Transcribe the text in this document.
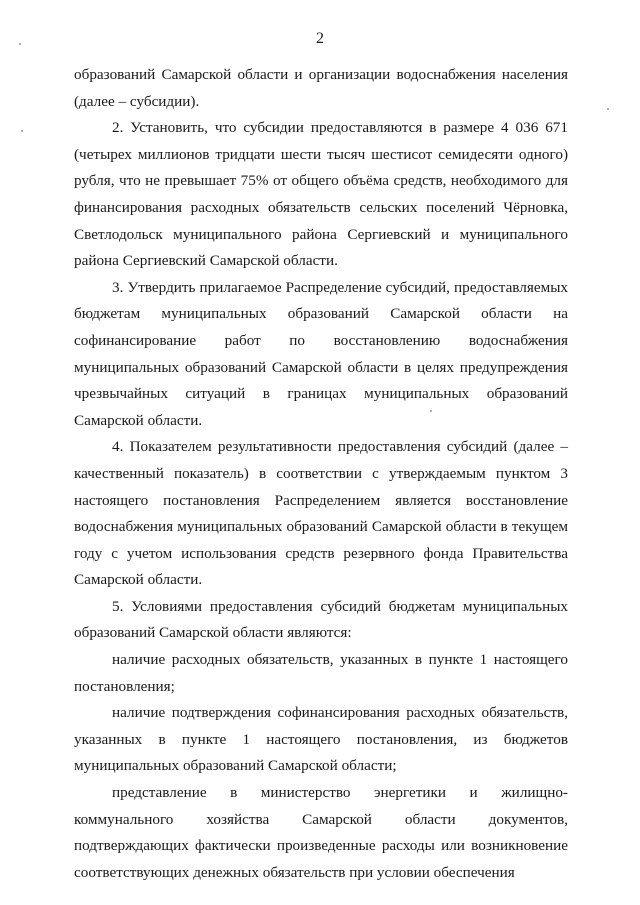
2

образований Самарской области и организации водоснабжения населения (далее – субсидии).

2. Установить, что субсидии предоставляются в размере 4 036 671 (четырех миллионов тридцати шести тысяч шестисот семидесяти одного) рубля, что не превышает 75% от общего объёма средств, необходимого для финансирования расходных обязательств сельских поселений Чёрновка, Светлодольск муниципального района Сергиевский и муниципального района Сергиевский Самарской области.

3. Утвердить прилагаемое Распределение субсидий, предоставляемых бюджетам муниципальных образований Самарской области на софинансирование работ по восстановлению водоснабжения муниципальных образований Самарской области в целях предупреждения чрезвычайных ситуаций в границах муниципальных образований Самарской области.

4. Показателем результативности предоставления субсидий (далее – качественный показатель) в соответствии с утверждаемым пунктом 3 настоящего постановления Распределением является восстановление водоснабжения муниципальных образований Самарской области в текущем году с учетом использования средств резервного фонда Правительства Самарской области.

5. Условиями предоставления субсидий бюджетам муниципальных образований Самарской области являются:

наличие расходных обязательств, указанных в пункте 1 настоящего постановления;

наличие подтверждения софинансирования расходных обязательств, указанных в пункте 1 настоящего постановления, из бюджетов муниципальных образований Самарской области;

представление в министерство энергетики и жилищно-коммунального хозяйства Самарской области документов, подтверждающих фактически произведенные расходы или возникновение соответствующих денежных обязательств при условии обеспечения
